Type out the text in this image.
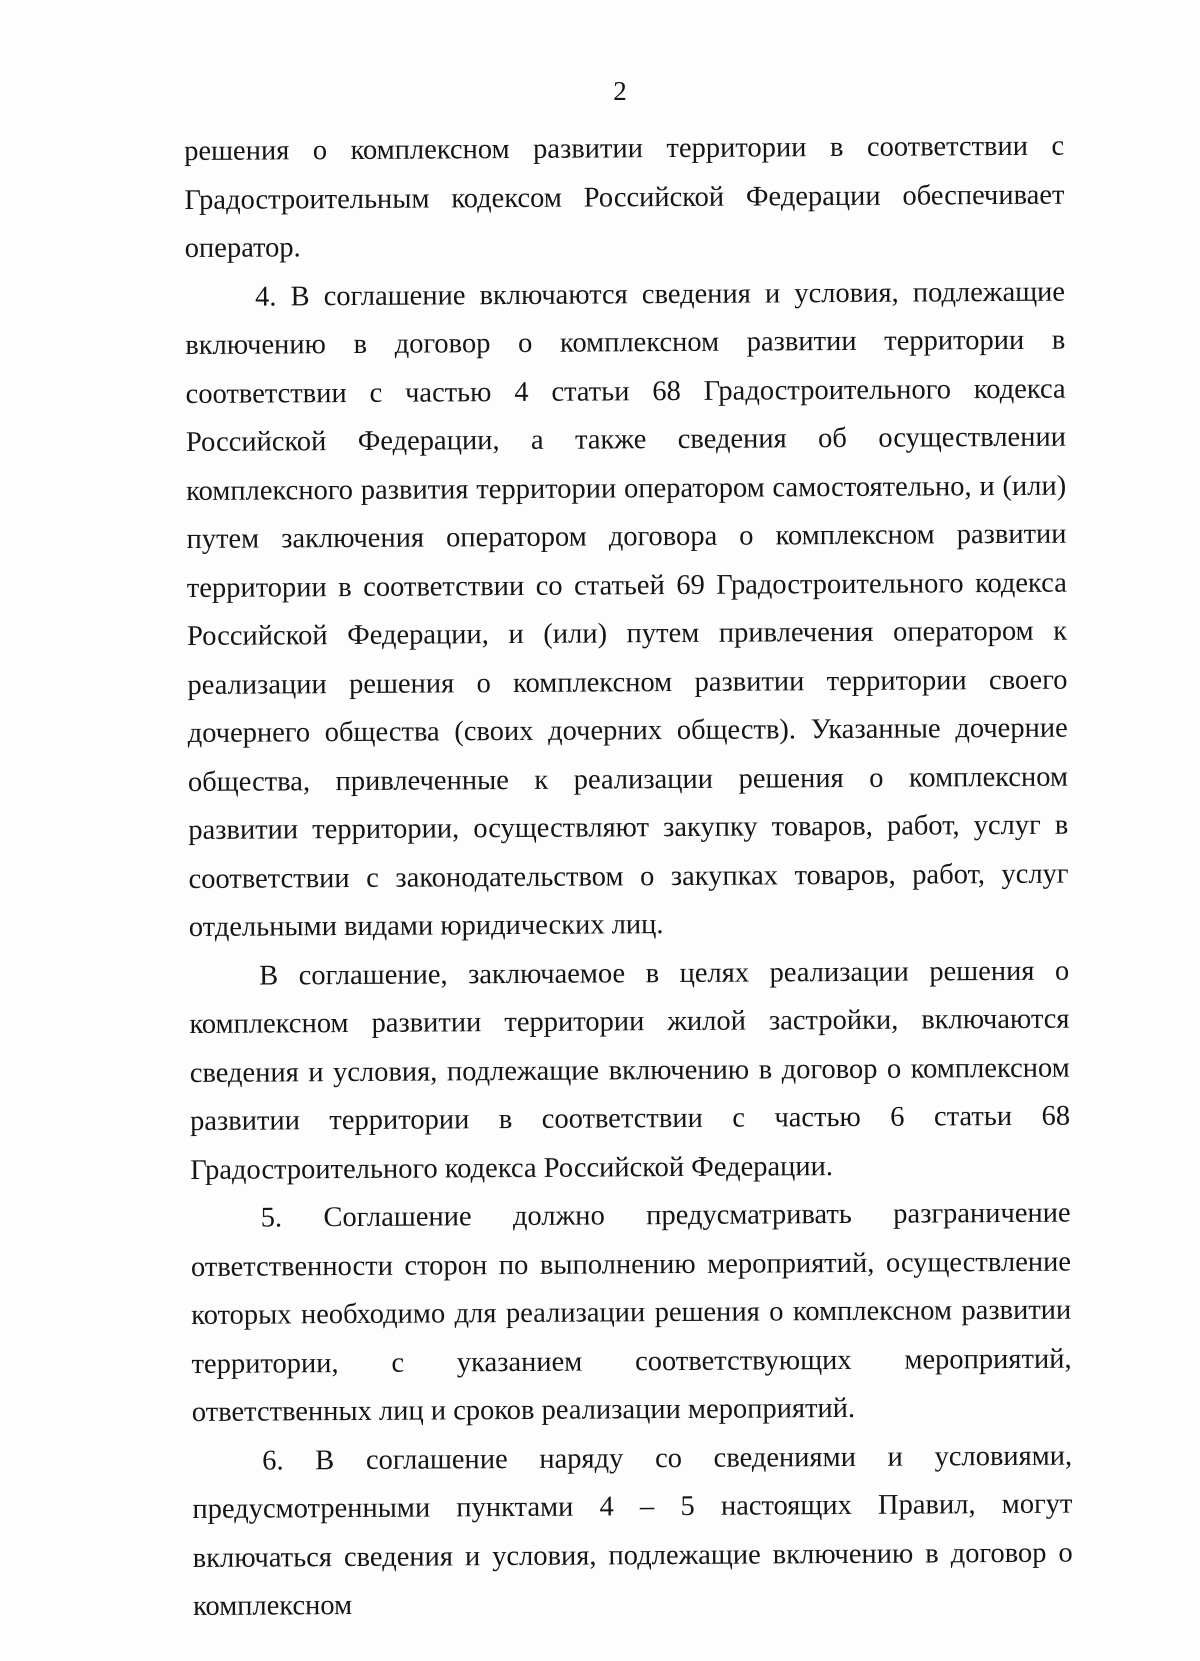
2

решения о комплексном развитии территории в соответствии с Градостроительным кодексом Российской Федерации обеспечивает оператор.

4. В соглашение включаются сведения и условия, подлежащие включению в договор о комплексном развитии территории в соответствии с частью 4 статьи 68 Градостроительного кодекса Российской Федерации, а также сведения об осуществлении комплексного развития территории оператором самостоятельно, и (или) путем заключения оператором договора о комплексном развитии территории в соответствии со статьей 69 Градостроительного кодекса Российской Федерации, и (или) путем привлечения оператором к реализации решения о комплексном развитии территории своего дочернего общества (своих дочерних обществ). Указанные дочерние общества, привлеченные к реализации решения о комплексном развитии территории, осуществляют закупку товаров, работ, услуг в соответствии с законодательством о закупках товаров, работ, услуг отдельными видами юридических лиц.

В соглашение, заключаемое в целях реализации решения о комплексном развитии территории жилой застройки, включаются сведения и условия, подлежащие включению в договор о комплексном развитии территории в соответствии с частью 6 статьи 68 Градостроительного кодекса Российской Федерации.

5. Соглашение должно предусматривать разграничение ответственности сторон по выполнению мероприятий, осуществление которых необходимо для реализации решения о комплексном развитии территории, с указанием соответствующих мероприятий, ответственных лиц и сроков реализации мероприятий.

6. В соглашение наряду со сведениями и условиями, предусмотренными пунктами 4 – 5 настоящих Правил, могут включаться сведения и условия, подлежащие включению в договор о комплексном
